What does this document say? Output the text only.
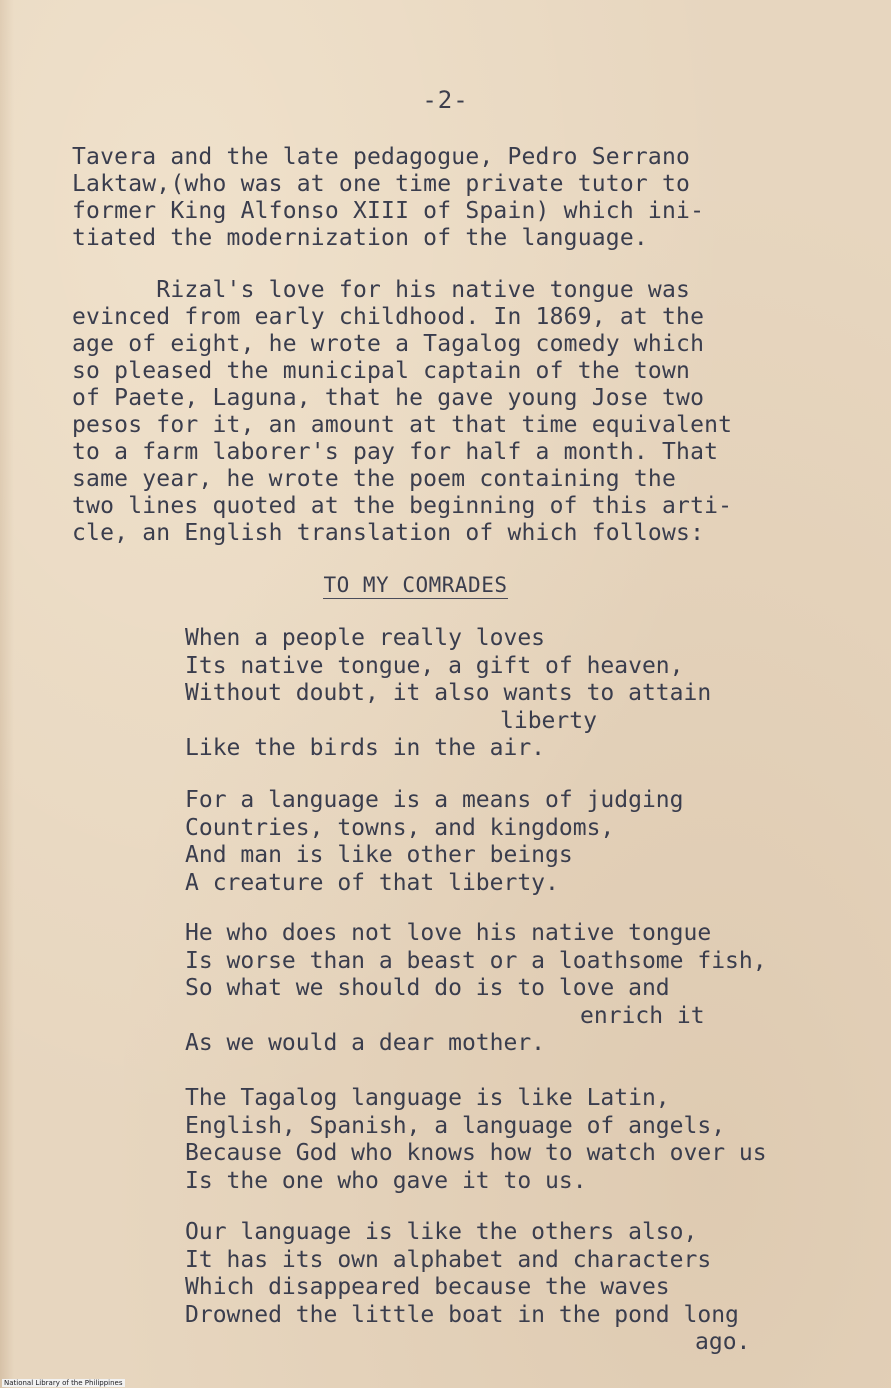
-2-

Tavera and the late pedagogue, Pedro Serrano
Laktaw,(who was at one time private tutor to
former King Alfonso XIII of Spain) which ini-
tiated the modernization of the language.

Rizal's love for his native tongue was
evinced from early childhood. In 1869, at the
age of eight, he wrote a Tagalog comedy which
so pleased the municipal captain of the town
of Paete, Laguna, that he gave young Jose two
pesos for it, an amount at that time equivalent
to a farm laborer's pay for half a month. That
same year, he wrote the poem containing the
two lines quoted at the beginning of this arti-
cle, an English translation of which follows:

TO MY COMRADES

When a people really loves
Its native tongue, a gift of heaven,
Without doubt, it also wants to attain
liberty
Like the birds in the air.

For a language is a means of judging
Countries, towns, and kingdoms,
And man is like other beings
A creature of that liberty.

He who does not love his native tongue
Is worse than a beast or a loathsome fish,
So what we should do is to love and
enrich it
As we would a dear mother.

The Tagalog language is like Latin,
English, Spanish, a language of angels,
Because God who knows how to watch over us
Is the one who gave it to us.

Our language is like the others also,
It has its own alphabet and characters
Which disappeared because the waves
Drowned the little boat in the pond long
ago.

National Library of the Philippines
